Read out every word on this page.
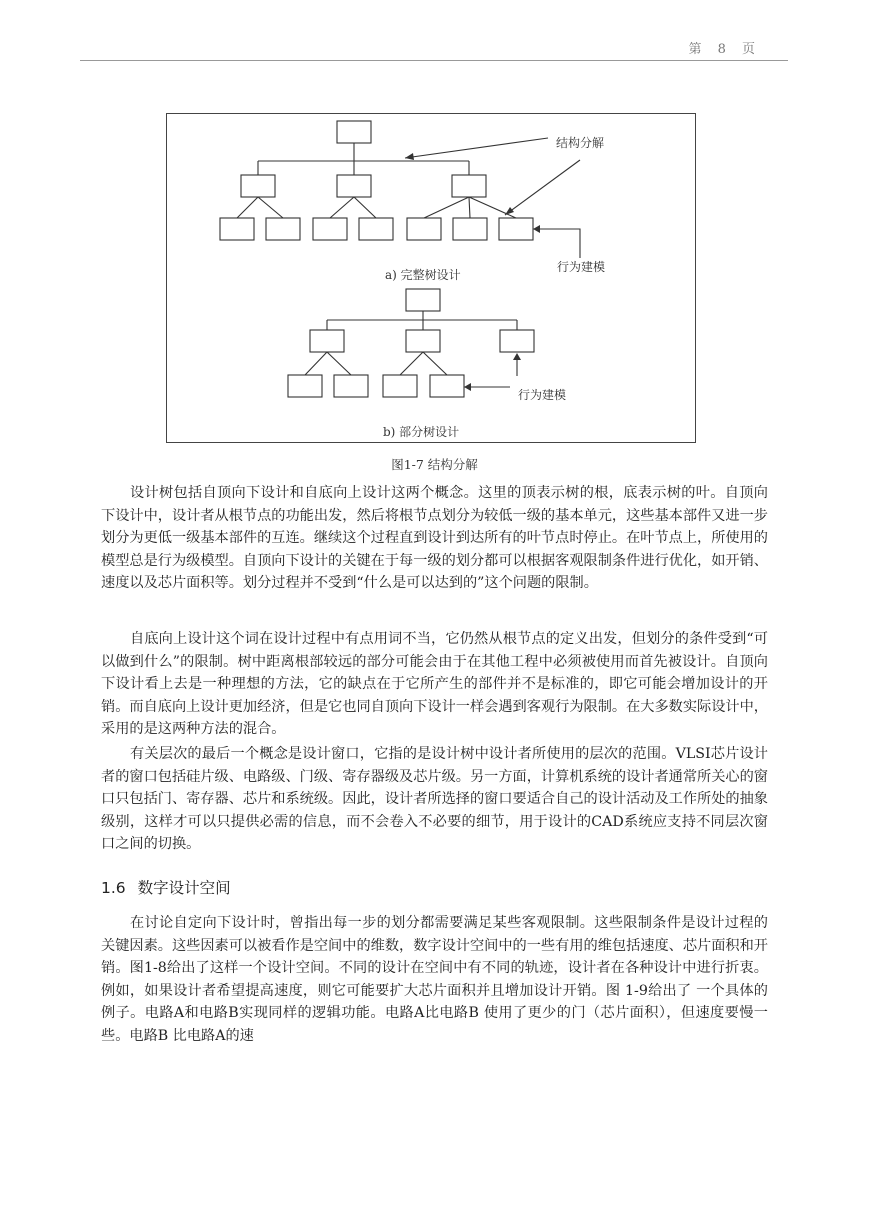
第 8 页
结构分解
行为建模
a) 完整树设计
行为建模
b) 部分树设计
图1-7 结构分解

设计树包括自顶向下设计和自底向上设计这两个概念。这里的顶表示树的根，底表示树的叶。自顶向下设计中，设计者从根节点的功能出发，然后将根节点划分为较低一级的基本单元，这些基本部件又进一步划分为更低一级基本部件的互连。继续这个过程直到设计到达所有的叶节点时停止。在叶节点上，所使用的模型总是行为级模型。自顶向下设计的关键在于每一级的划分都可以根据客观限制条件进行优化，如开销、速度以及芯片面积等。划分过程并不受到“什么是可以达到的”这个问题的限制。

自底向上设计这个词在设计过程中有点用词不当，它仍然从根节点的定义出发，但划分的条件受到“可以做到什么”的限制。树中距离根部较远的部分可能会由于在其他工程中必须被使用而首先被设计。自顶向下设计看上去是一种理想的方法，它的缺点在于它所产生的部件并不是标准的，即它可能会增加设计的开销。而自底向上设计更加经济，但是它也同自顶向下设计一样会遇到客观行为限制。在大多数实际设计中，采用的是这两种方法的混合。

有关层次的最后一个概念是设计窗口，它指的是设计树中设计者所使用的层次的范围。VLSI芯片设计者的窗口包括硅片级、电路级、门级、寄存器级及芯片级。另一方面，计算机系统的设计者通常所关心的窗口只包括门、寄存器、芯片和系统级。因此，设计者所选择的窗口要适合自己的设计活动及工作所处的抽象级别，这样才可以只提供必需的信息，而不会卷入不必要的细节，用于设计的CAD系统应支持不同层次窗口之间的切换。

1.6 数字设计空间

在讨论自定向下设计时，曾指出每一步的划分都需要满足某些客观限制。这些限制条件是设计过程的关键因素。这些因素可以被看作是空间中的维数，数字设计空间中的一些有用的维包括速度、芯片面积和开销。图1-8给出了这样一个设计空间。不同的设计在空间中有不同的轨迹，设计者在各种设计中进行折衷。例如，如果设计者希望提高速度，则它可能要扩大芯片面积并且增加设计开销。图 1-9给出了 一个具体的例子。电路A和电路B实现同样的逻辑功能。电路A比电路B 使用了更少的门（芯片面积），但速度要慢一些。电路B 比电路A的速
